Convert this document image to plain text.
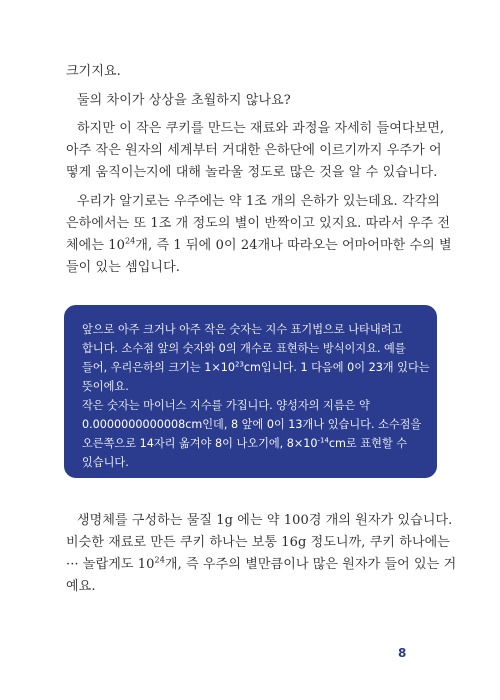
크기지요.
둘의 차이가 상상을 초월하지 않나요?
하지만 이 작은 쿠키를 만드는 재료와 과정을 자세히 들여다보면,
아주 작은 원자의 세계부터 거대한 은하단에 이르기까지 우주가 어
떻게 움직이는지에 대해 놀라울 정도로 많은 것을 알 수 있습니다.
우리가 알기로는 우주에는 약 1조 개의 은하가 있는데요. 각각의
은하에서는 또 1조 개 정도의 별이 반짝이고 있지요. 따라서 우주 전
체에는 $10^{24}$개, 즉 1 뒤에 0이 24개나 따라오는 어마어마한 수의 별
들이 있는 셈입니다.
앞으로 아주 크거나 아주 작은 숫자는 지수 표기법으로 나타내려고
합니다. 소수점 앞의 숫자와 0의 개수로 표현하는 방식이지요. 예를
들어, 우리은하의 크기는 $1\times 10^{23}cm$입니다. 1 다음에 0이 23개 있다는
뜻이에요.
작은 숫자는 마이너스 지수를 가집니다. 양성자의 지름은 약
0.0000000000008cm인데, 8 앞에 0이 13개나 있습니다. 소수점을
오른쪽으로 14자리 옮겨야 8이 나오기에, $8\times 10^{-14}cm$로 표현할 수
있습니다.
생명체를 구성하는 물질 1g 에는 약 100경 개의 원자가 있습니다.
비슷한 재료로 만든 쿠키 하나는 보통 16g 정도니까, 쿠키 하나에는
··· 놀랍게도 $10^{24}$개, 즉 우주의 별만큼이나 많은 원자가 들어 있는 거
예요.
8
